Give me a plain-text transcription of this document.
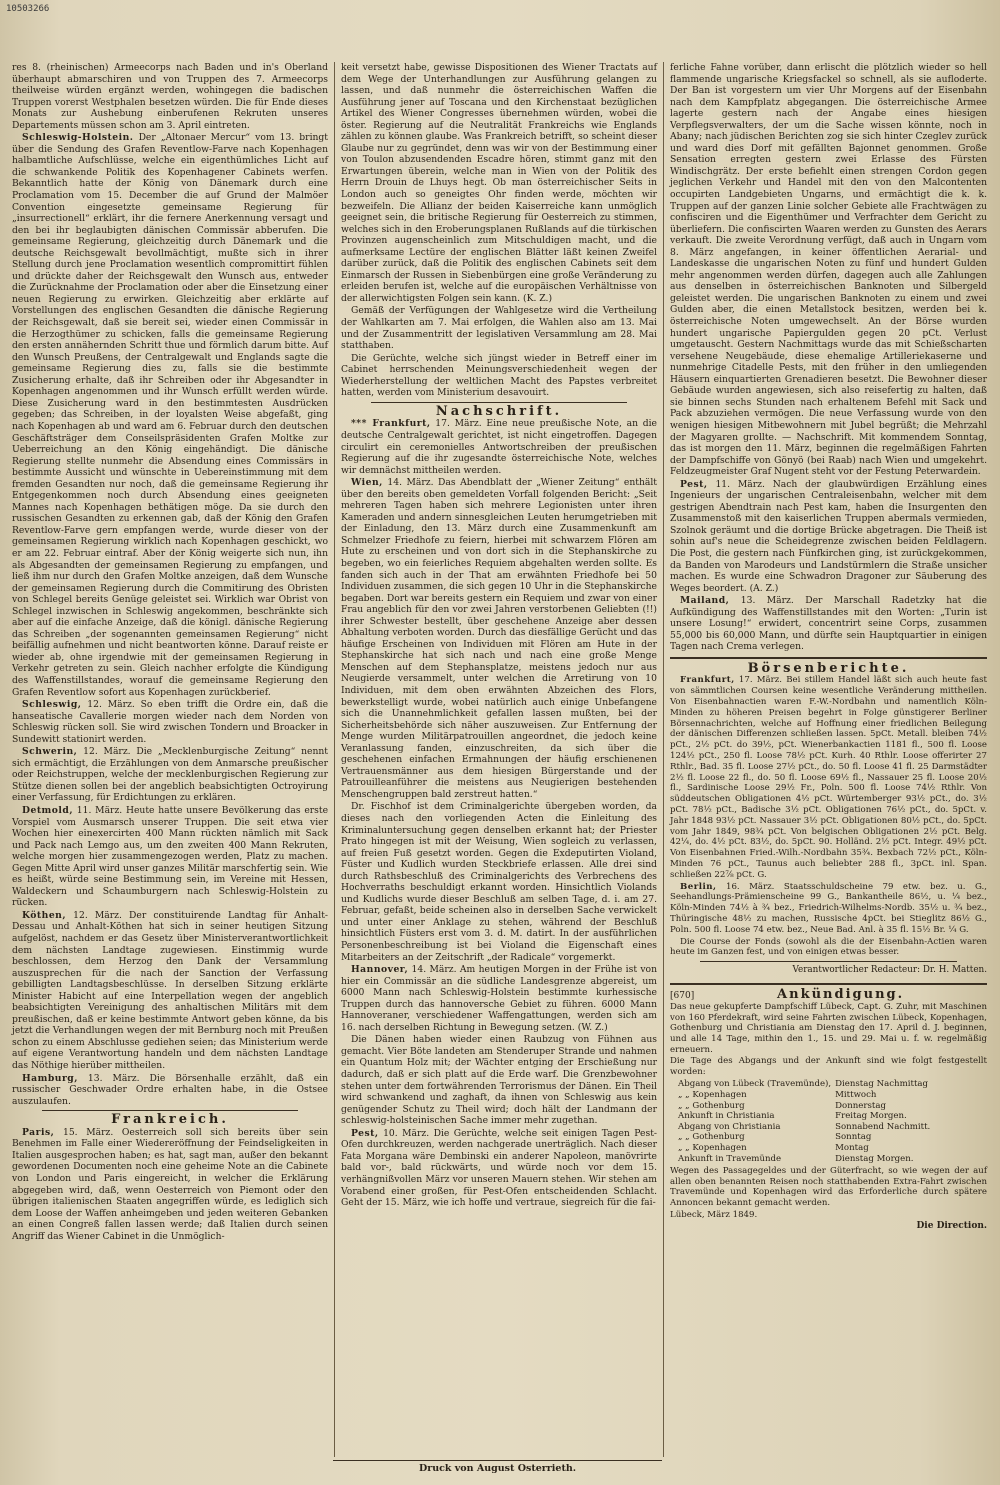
10503266

res 8. (rheinischen) Armeecorps nach Baden und in's Oberland überhaupt abmarschiren und von Truppen des 7. Armeecorps theilweise würden ergänzt werden, wohingegen die badischen Truppen vorerst Westphalen besetzen würden. Die für Ende dieses Monats zur Aushebung einberufenen Rekruten unseres Departements müssen schon am 3. April eintreten.

Schleswig-Holstein. Der „Altonaer Mercur“ vom 13. bringt über die Sendung des Grafen Reventlow-Farve nach Kopenhagen halbamtliche Aufschlüsse, welche ein eigenthümliches Licht auf die schwankende Politik des Kopenhagener Cabinets werfen. Bekanntlich hatte der König von Dänemark durch eine Proclamation vom 15. December die auf Grund der Malmöer Convention eingesetzte gemeinsame Regierung für „insurrectionell“ erklärt, ihr die fernere Anerkennung versagt und den bei ihr beglaubigten dänischen Commissär abberufen. Die gemeinsame Regierung, gleichzeitig durch Dänemark und die deutsche Reichsgewalt bevollmächtigt, mußte sich in ihrer Stellung durch jene Proclamation wesentlich compromittirt fühlen und drückte daher der Reichsgewalt den Wunsch aus, entweder die Zurücknahme der Proclamation oder aber die Einsetzung einer neuen Regierung zu erwirken. Gleichzeitig aber erklärte auf Vorstellungen des englischen Gesandten die dänische Regierung der Reichsgewalt, daß sie bereit sei, wieder einen Commissär in die Herzogthümer zu schicken, falls die gemeinsame Regierung den ersten annähernden Schritt thue und förmlich darum bitte. Auf den Wunsch Preußens, der Centralgewalt und Englands sagte die gemeinsame Regierung dies zu, falls sie die bestimmte Zusicherung erhalte, daß ihr Schreiben oder ihr Abgesandter in Kopenhagen angenommen und ihr Wunsch erfüllt werden würde. Diese Zusicherung ward in den bestimmtesten Ausdrücken gegeben; das Schreiben, in der loyalsten Weise abgefaßt, ging nach Kopenhagen ab und ward am 6. Februar durch den deutschen Geschäftsträger dem Conseilspräsidenten Grafen Moltke zur Ueberreichung an den König eingehändigt. Die dänische Regierung stellte nunmehr die Absendung eines Commissärs in bestimmte Aussicht und wünschte in Uebereinstimmung mit dem fremden Gesandten nur noch, daß die gemeinsame Regierung ihr Entgegenkommen noch durch Absendung eines geeigneten Mannes nach Kopenhagen bethätigen möge. Da sie durch den russischen Gesandten zu erkennen gab, daß der König den Grafen Reventlow-Farve gern empfangen werde, wurde dieser von der gemeinsamen Regierung wirklich nach Kopenhagen geschickt, wo er am 22. Februar eintraf. Aber der König weigerte sich nun, ihn als Abgesandten der gemeinsamen Regierung zu empfangen, und ließ ihm nur durch den Grafen Moltke anzeigen, daß dem Wunsche der gemeinsamen Regierung durch die Commitirung des Obristen von Schlegel bereits Genüge geleistet sei. Wirklich war Obrist von Schlegel inzwischen in Schleswig angekommen, beschränkte sich aber auf die einfache Anzeige, daß die königl. dänische Regierung das Schreiben „der sogenannten gemeinsamen Regierung“ nicht beifällig aufnehmen und nicht beantworten könne. Darauf reiste er wieder ab, ohne irgendwie mit der gemeinsamen Regierung in Verkehr getreten zu sein. Gleich nachher erfolgte die Kündigung des Waffenstillstandes, worauf die gemeinsame Regierung den Grafen Reventlow sofort aus Kopenhagen zurückberief.

Schleswig, 12. März. So eben trifft die Ordre ein, daß die hanseatische Cavallerie morgen wieder nach dem Norden von Schleswig rücken soll. Sie wird zwischen Tondern und Broacker in Sundewitt stationirt werden.

Schwerin, 12. März. Die „Mecklenburgische Zeitung“ nennt sich ermächtigt, die Erzählungen von dem Anmarsche preußischer oder Reichstruppen, welche der mecklenburgischen Regierung zur Stütze dienen sollen bei der angeblich beabsichtigten Octroyirung einer Verfassung, für Erdichtungen zu erklären.

Detmold, 11. März. Heute hatte unsere Bevölkerung das erste Vorspiel vom Ausmarsch unserer Truppen. Die seit etwa vier Wochen hier einexercirten 400 Mann rückten nämlich mit Sack und Pack nach Lemgo aus, um den zweiten 400 Mann Rekruten, welche morgen hier zusammengezogen werden, Platz zu machen. Gegen Mitte April wird unser ganzes Militär marschfertig sein. Wie es heißt, würde seine Bestimmung sein, im Vereine mit Hessen, Waldeckern und Schaumburgern nach Schleswig-Holstein zu rücken.

Köthen, 12. März. Der constituirende Landtag für Anhalt-Dessau und Anhalt-Köthen hat sich in seiner heutigen Sitzung aufgelöst, nachdem er das Gesetz über Ministerverantwortlichkeit dem nächsten Landtage zugewiesen. Einstimmig wurde beschlossen, dem Herzog den Dank der Versammlung auszusprechen für die nach der Sanction der Verfassung gebilligten Landtagsbeschlüsse. In derselben Sitzung erklärte Minister Habicht auf eine Interpellation wegen der angeblich beabsichtigten Vereinigung des anhaltischen Militärs mit dem preußischen, daß er keine bestimmte Antwort geben könne, da bis jetzt die Verhandlungen wegen der mit Bernburg noch mit Preußen schon zu einem Abschlusse gediehen seien; das Ministerium werde auf eigene Verantwortung handeln und dem nächsten Landtage das Nöthige hierüber mittheilen.

Hamburg, 13. März. Die Börsenhalle erzählt, daß ein russischer Geschwader Ordre erhalten habe, in die Ostsee auszulaufen.

Frankreich.

Paris, 15. März. Oesterreich soll sich bereits über sein Benehmen im Falle einer Wiedereröffnung der Feindseligkeiten in Italien ausgesprochen haben; es hat, sagt man, außer den bekannt gewordenen Documenten noch eine geheime Note an die Cabinete von London und Paris eingereicht, in welcher die Erklärung abgegeben wird, daß, wenn Oesterreich von Piemont oder den übrigen italienischen Staaten angegriffen würde, es lediglich sich dem Loose der Waffen anheimgeben und jeden weiteren Gebanken an einen Congreß fallen lassen werde; daß Italien durch seinen Angriff das Wiener Cabinet in die Unmöglich-

keit versetzt habe, gewisse Dispositionen des Wiener Tractats auf dem Wege der Unterhandlungen zur Ausführung gelangen zu lassen, und daß nunmehr die österreichischen Waffen die Ausführung jener auf Toscana und den Kirchenstaat bezüglichen Artikel des Wiener Congresses übernehmen würden, wobei die öster. Regierung auf die Neutralität Frankreichs wie Englands zählen zu können glaube. Was Frankreich betrifft, so scheint dieser Glaube nur zu gegründet, denn was wir von der Bestimmung einer von Toulon abzusendenden Escadre hören, stimmt ganz mit den Erwartungen überein, welche man in Wien von der Politik des Herrn Drouin de Lhuys hegt. Ob man österreichischer Seits in London auch so geneigtes Ohr finden werde, möchten wir bezweifeln. Die Allianz der beiden Kaiserreiche kann unmöglich geeignet sein, die britische Regierung für Oesterreich zu stimmen, welches sich in den Eroberungsplanen Rußlands auf die türkischen Provinzen augenscheinlich zum Mitschuldigen macht, und die aufmerksame Lectüre der englischen Blätter läßt keinen Zweifel darüber zurück, daß die Politik des englischen Cabinets seit dem Einmarsch der Russen in Siebenbürgen eine große Veränderung zu erleiden berufen ist, welche auf die europäischen Verhältnisse von der allerwichtigsten Folgen sein kann. (K. Z.)

Gemäß der Verfügungen der Wahlgesetze wird die Vertheilung der Wahlkarten am 7. Mai erfolgen, die Wahlen also am 13. Mai und der Zusammentritt der legislativen Versammlung am 28. Mai statthaben.

Die Gerüchte, welche sich jüngst wieder in Betreff einer im Cabinet herrschenden Meinungsverschiedenheit wegen der Wiederherstellung der weltlichen Macht des Papstes verbreitet hatten, werden vom Ministerium desavouirt.

Nachschrift.

*** Frankfurt, 17. März. Eine neue preußische Note, an die deutsche Centralgewalt gerichtet, ist nicht eingetroffen. Dagegen circulirt ein ceremonielles Antwortschreiben der preußischen Regierung auf die ihr zugesandte österreichische Note, welches wir demnächst mittheilen werden.

Wien, 14. März. Das Abendblatt der „Wiener Zeitung“ enthält über den bereits oben gemeldeten Vorfall folgenden Bericht: „Seit mehreren Tagen haben sich mehrere Legionisten unter ihren Kameraden und andern sinnesgleichen Leuten herumgetrieben mit der Einladung, den 13. März durch eine Zusammenkunft am Schmelzer Friedhofe zu feiern, hierbei mit schwarzem Flören am Hute zu erscheinen und von dort sich in die Stephanskirche zu begeben, wo ein feierliches Requiem abgehalten werden sollte. Es fanden sich auch in der That am erwähnten Friedhofe bei 50 Individuen zusammen, die sich gegen 10 Uhr in die Stephanskirche begaben. Dort war bereits gestern ein Requiem und zwar von einer Frau angeblich für den vor zwei Jahren verstorbenen Geliebten (!!) ihrer Schwester bestellt, über geschehene Anzeige aber dessen Abhaltung verboten worden. Durch das diesfällige Gerücht und das häufige Erscheinen von Individuen mit Flören am Hute in der Stephanskirche hat sich nach und nach eine große Menge Menschen auf dem Stephansplatze, meistens jedoch nur aus Neugierde versammelt, unter welchen die Arretirung von 10 Individuen, mit dem oben erwähnten Abzeichen des Flors, bewerkstelligt wurde, wobei natürlich auch einige Unbefangene sich die Unannehmlichkeit gefallen lassen mußten, bei der Sicherheitsbehörde sich näher auszuweisen. Zur Entfernung der Menge wurden Militärpatrouillen angeordnet, die jedoch keine Veranlassung fanden, einzuschreiten, da sich über die geschehenen einfachen Ermahnungen der häufig erschienenen Vertrauensmänner aus dem hiesigen Bürgerstande und der Patrouilleanführer die meistens aus Neugierigen bestehenden Menschengruppen bald zerstreut hatten.“

Dr. Fischhof ist dem Criminalgerichte übergeben worden, da dieses nach den vorliegenden Acten die Einleitung des Kriminaluntersuchung gegen denselben erkannt hat; der Priester Prato hingegen ist mit der Weisung, Wien sogleich zu verlassen, auf freien Fuß gesetzt worden. Gegen die Exdeputirten Violand, Füster und Kudlich wurden Steckbriefe erlassen. Alle drei sind durch Rathsbeschluß des Criminalgerichts des Verbrechens des Hochverraths beschuldigt erkannt worden. Hinsichtlich Violands und Kudlichs wurde dieser Beschluß am selben Tage, d. i. am 27. Februar, gefaßt, beide scheinen also in derselben Sache verwickelt und unter einer Anklage zu stehen, während der Beschluß hinsichtlich Füsters erst vom 3. d. M. datirt. In der ausführlichen Personenbeschreibung ist bei Violand die Eigenschaft eines Mitarbeiters an der Zeitschrift „der Radicale“ vorgemerkt.

Hannover, 14. März. Am heutigen Morgen in der Frühe ist von hier ein Commissär an die südliche Landesgrenze abgereist, um 6000 Mann nach Schleswig-Holstein bestimmte kurhessische Truppen durch das hannoversche Gebiet zu führen. 6000 Mann Hannoveraner, verschiedener Waffengattungen, werden sich am 16. nach derselben Richtung in Bewegung setzen. (W. Z.)

Die Dänen haben wieder einen Raubzug von Fühnen aus gemacht. Vier Böte landeten am Stenderuper Strande und nahmen ein Quantum Holz mit; der Wächter entging der Erschießung nur dadurch, daß er sich platt auf die Erde warf. Die Grenzbewohner stehen unter dem fortwährenden Terrorismus der Dänen. Ein Theil wird schwankend und zaghaft, da ihnen von Schleswig aus kein genügender Schutz zu Theil wird; doch hält der Landmann der schleswig-holsteinischen Sache immer mehr zugethan.

Pest, 10. März. Die Gerüchte, welche seit einigen Tagen Pest-Ofen durchkreuzen, werden nachgerade unerträglich. Nach dieser Fata Morgana wäre Dembinski ein anderer Napoleon, manövrirte bald vor-, bald rückwärts, und würde noch vor dem 15. verhängnißvollen März vor unseren Mauern stehen. Wir stehen am Vorabend einer großen, für Pest-Ofen entscheidenden Schlacht. Geht der 15. März, wie ich hoffe und vertraue, siegreich für die fai-

ferliche Fahne vorüber, dann erlischt die plötzlich wieder so hell flammende ungarische Kriegsfackel so schnell, als sie aufloderte. Der Ban ist vorgestern um vier Uhr Morgens auf der Eisenbahn nach dem Kampfplatz abgegangen. Die österreichische Armee lagerte gestern nach der Angabe eines hiesigen Verpflegsverwalters, der um die Sache wissen könnte, noch in Abany; nach jüdischen Berichten zog sie sich hinter Czeglev zurück und ward dies Dorf mit gefällten Bajonnet genommen. Große Sensation erregten gestern zwei Erlasse des Fürsten Windischgrätz. Der erste befiehlt einen strengen Cordon gegen jeglichen Verkehr und Handel mit den von den Malcontenten occupirten Landgebieten Ungarns, und ermächtigt die k. k. Truppen auf der ganzen Linie solcher Gebiete alle Frachtwägen zu confisciren und die Eigenthümer und Verfrachter dem Gericht zu überliefern. Die confiscirten Waaren werden zu Gunsten des Aerars verkauft. Die zweite Verordnung verfügt, daß auch in Ungarn vom 8. März angefangen, in keiner öffentlichen Aerarial- und Landeskasse die ungarischen Noten zu fünf und hundert Gulden mehr angenommen werden dürfen, dagegen auch alle Zahlungen aus denselben in österreichischen Banknoten und Silbergeld geleistet werden. Die ungarischen Banknoten zu einem und zwei Gulden aber, die einen Metallstock besitzen, werden bei k. österreichische Noten umgewechselt. An der Börse wurden hundert ungarische Papiergulden gegen 20 pCt. Verlust umgetauscht. Gestern Nachmittags wurde das mit Schießscharten versehene Neugebäude, diese ehemalige Artilleriekaserne und nunmehrige Citadelle Pests, mit den früher in den umliegenden Häusern einquartierten Grenadieren besetzt. Die Bewohner dieser Gebäude wurden angewiesen, sich also reisefertig zu halten, daß sie binnen sechs Stunden nach erhaltenem Befehl mit Sack und Pack abzuziehen vermögen. Die neue Verfassung wurde von den wenigen hiesigen Mitbewohnern mit Jubel begrüßt; die Mehrzahl der Magyaren grollte. — Nachschrift. Mit kommendem Sonntag, das ist morgen den 11. März, beginnen die regelmäßigen Fahrten der Dampfschiffe von Gönyö (bei Raab) nach Wien und umgekehrt. Feldzeugmeister Graf Nugent steht vor der Festung Peterwardein.

Pest, 11. März. Nach der glaubwürdigen Erzählung eines Ingenieurs der ungarischen Centraleisenbahn, welcher mit dem gestrigen Abendtrain nach Pest kam, haben die Insurgenten den Zusammenstoß mit den kaiserlichen Truppen abermals vermieden, Szolnok geräumt und die dortige Brücke abgetragen. Die Theiß ist sohin auf's neue die Scheidegrenze zwischen beiden Feldlagern. Die Post, die gestern nach Fünfkirchen ging, ist zurückgekommen, da Banden von Marodeurs und Landstürmlern die Straße unsicher machen. Es wurde eine Schwadron Dragoner zur Säuberung des Weges beordert. (A. Z.)

Mailand, 13. März. Der Marschall Radetzky hat die Aufkündigung des Waffenstillstandes mit den Worten: „Turin ist unsere Losung!“ erwidert, concentrirt seine Corps, zusammen 55,000 bis 60,000 Mann, und dürfte sein Hauptquartier in einigen Tagen nach Crema verlegen.

Börsenberichte.

Frankfurt, 17. März. Bei stillem Handel läßt sich auch heute fast von sämmtlichen Coursen keine wesentliche Veränderung mittheilen. Von Eisenbahnactien waren F.-W.-Nordbahn und namentlich Köln-Minden zu höheren Preisen begehrt in Folge günstigerer Berliner Börsennachrichten, welche auf Hoffnung einer friedlichen Beilegung der dänischen Differenzen schließen lassen. 5pCt. Metall. bleiben 74½ pCt., 2½ pCt. do 39½, pCt. Wienerbankactien 1181 fl., 500 fl. Loose 124½ pCt., 250 fl. Loose 78½ pCt. Kurh. 40 Rthlr. Loose offerirter 27 Rthlr., Bad. 35 fl. Loose 27½ pCt., do. 50 fl. Loose 41 fl. 25 Darmstädter 2½ fl. Loose 22 fl., do. 50 fl. Loose 69½ fl., Nassauer 25 fl. Loose 20½ fl., Sardinische Loose 29½ Fr., Poln. 500 fl. Loose 74½ Rthlr. Von süddeutschen Obligationen 4½ pCt. Würtemberger 93½ pCt., do. 3½ pCt. 78½ pCt., Badische 3½ pCt. Obligationen 76½ pCt., do. 5pCt. v. Jahr 1848 93½ pCt. Nassauer 3½ pCt. Obligationen 80½ pCt., do. 5pCt. vom Jahr 1849, 98¾ pCt. Von belgischen Obligationen 2½ pCt. Belg. 42¼, do. 4½ pCt. 83½, do. 5pCt. 90. Holländ. 2½ pCt. Integr. 49½ pCt. Von Eisenbahnen Fried.-Wilh.-Nordbahn 35¾. Bexbach 72½ pCt., Köln-Minden 76 pCt., Taunus auch beliebter 288 fl., 3pCt. inl. Span. schließen 22⅞ pCt. G.

Berlin, 16. März. Staatsschuldscheine 79 etw. bez. u. G., Seehandlungs-Prämienscheine 99 G., Bankantheile 86½, u. ¼ bez., Köln-Minden 74½ à ¾ bez., Friedrich-Wilhelms-Nordb. 35½ u. ¾ bez., Thüringische 48½ zu machen, Russische 4pCt. bei Stieglitz 86½ G., Poln. 500 fl. Loose 74 etw. bez., Neue Bad. Anl. à 35 fl. 15½ Br. ¼ G.

Die Course der Fonds (sowohl als die der Eisenbahn-Actien waren heute im Ganzen fest, und von einigen etwas besser.

Verantwortlicher Redacteur: Dr. H. Matten.

[670]	Ankündigung.

Das neue gekupferte Dampfschiff Lübeck, Capt. G. Zuhr, mit Maschinen von 160 Pferdekraft, wird seine Fahrten zwischen Lübeck, Kopenhagen, Gothenburg und Christiania am Dienstag den 17. April d. J. beginnen, und alle 14 Tage, mithin den 1., 15. und 29. Mai u. f. w. regelmäßig erneuern.

Die Tage des Abgangs und der Ankunft sind wie folgt festgestellt worden:

Abgang von Lübeck (Travemünde),	Dienstag Nachmittag
„ „ Kopenhagen	Mittwoch
„ „ Gothenburg	Donnerstag
Ankunft in Christiania	Freitag Morgen.
Abgang von Christiania	Sonnabend Nachmitt.
„ „ Gothenburg	Sonntag
„ „ Kopenhagen	Montag
Ankunft in Travemünde	Dienstag Morgen.

Wegen des Passagegeldes und der Güterfracht, so wie wegen der auf allen oben benannten Reisen noch statthabenden Extra-Fahrt zwischen Travemünde und Kopenhagen wird das Erforderliche durch spätere Annoncen bekannt gemacht werden.

Lübeck, März 1849.

Die Direction.

Druck von August Osterrieth.
